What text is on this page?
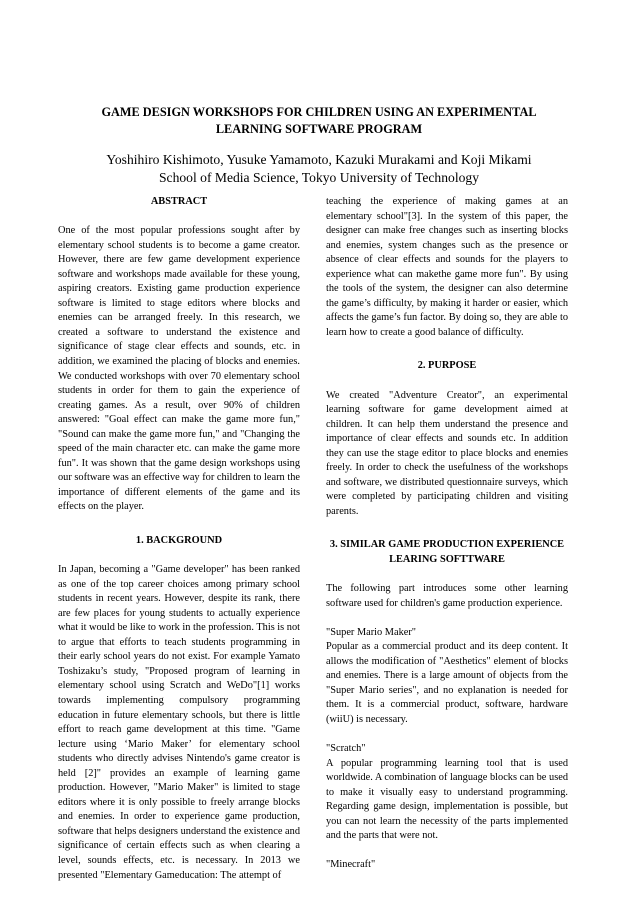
GAME DESIGN WORKSHOPS FOR CHILDREN USING AN EXPERIMENTAL
LEARNING SOFTWARE PROGRAM
Yoshihiro Kishimoto, Yusuke Yamamoto, Kazuki Murakami and Koji Mikami
School of Media Science, Tokyo University of Technology
ABSTRACT

One of the most popular professions sought after by elementary school students is to become a game creator. However, there are few game development experience software and workshops made available for these young, aspiring creators. Existing game production experience software is limited to stage editors where blocks and enemies can be arranged freely. In this research, we created a software to understand the existence and significance of stage clear effects and sounds, etc. in addition, we examined the placing of blocks and enemies. We conducted workshops with over 70 elementary school students in order for them to gain the experience of creating games. As a result, over 90% of children answered: "Goal effect can make the game more fun," "Sound can make the game more fun," and "Changing the speed of the main character etc. can make the game more fun". It was shown that the game design workshops using our software was an effective way for children to learn the importance of different elements of the game and its effects on the player.

1. BACKGROUND

In Japan, becoming a "Game developer" has been ranked as one of the top career choices among primary school students in recent years. However, despite its rank, there are few places for young students to actually experience what it would be like to work in the profession. This is not to argue that efforts to teach students programming in their early school years do not exist. For example Yamato Toshizaku’s study, "Proposed program of learning in elementary school using Scratch and WeDo"[1] works towards implementing compulsory programming education in future elementary schools, but there is little effort to reach game development at this time. "Game lecture using ‘Mario Maker’ for elementary school students who directly advises Nintendo's game creator is held [2]" provides an example of learning game production. However, "Mario Maker" is limited to stage editors where it is only possible to freely arrange blocks and enemies. In order to experience game production, software that helps designers understand the existence and significance of certain effects such as when clearing a level, sounds effects, etc. is necessary. In 2013 we presented "Elementary Gameducation: The attempt of

teaching the experience of making games at an elementary school"[3]. In the system of this paper, the designer can make free changes such as inserting blocks and enemies, system changes such as the presence or absence of clear effects and sounds for the players to experience what can makethe game more fun". By using the tools of the system, the designer can also determine the game’s difficulty, by making it harder or easier, which affects the game’s fun factor. By doing so, they are able to learn how to create a good balance of difficulty.

2. PURPOSE

We created "Adventure Creator", an experimental learning software for game development aimed at children. It can help them understand the presence and importance of clear effects and sounds etc. In addition they can use the stage editor to place blocks and enemies freely. In order to check the usefulness of the workshops and software, we distributed questionnaire surveys, which were completed by participating children and visiting parents.

3. SIMILAR GAME PRODUCTION EXPERIENCE
LEARING SOFTTWARE

The following part introduces some other learning software used for children's game production experience.

"Super Mario Maker"

Popular as a commercial product and its deep content. It allows the modification of "Aesthetics" element of blocks and enemies. There is a large amount of objects from the "Super Mario series", and no explanation is needed for them. It is a commercial product, software, hardware (wiiU) is necessary.

"Scratch"

A popular programming learning tool that is used worldwide. A combination of language blocks can be used to make it visually easy to understand programming. Regarding game design, implementation is possible, but you can not learn the necessity of the parts implemented and the parts that were not.

"Minecraft"
